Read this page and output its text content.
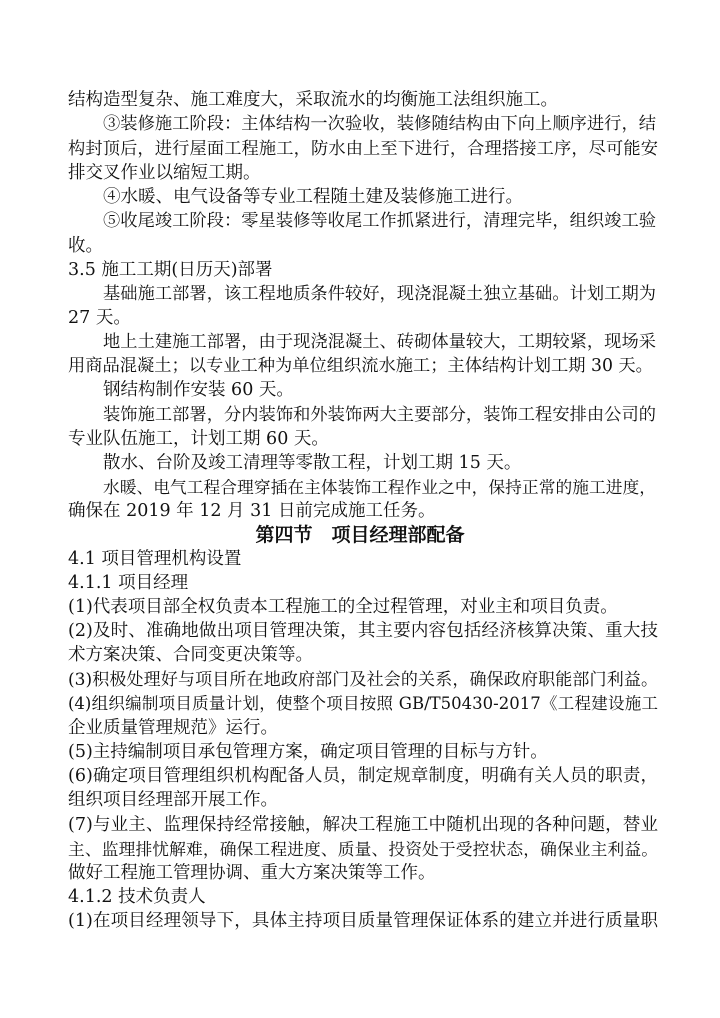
结构造型复杂、施工难度大，采取流水的均衡施工法组织施工。
③装修施工阶段：主体结构一次验收，装修随结构由下向上顺序进行，结
构封顶后，进行屋面工程施工，防水由上至下进行，合理搭接工序，尽可能安
排交叉作业以缩短工期。
④水暖、电气设备等专业工程随土建及装修施工进行。
⑤收尾竣工阶段：零星装修等收尾工作抓紧进行，清理完毕，组织竣工验
收。
3.5 施工工期(日历天)部署
基础施工部署，该工程地质条件较好，现浇混凝土独立基础。计划工期为
27 天。
地上土建施工部署，由于现浇混凝土、砖砌体量较大，工期较紧，现场采
用商品混凝土；以专业工种为单位组织流水施工；主体结构计划工期 30 天。
钢结构制作安装 60 天。
装饰施工部署，分内装饰和外装饰两大主要部分，装饰工程安排由公司的
专业队伍施工，计划工期 60 天。
散水、台阶及竣工清理等零散工程，计划工期 15 天。
水暖、电气工程合理穿插在主体装饰工程作业之中，保持正常的施工进度，
确保在 2019 年 12 月 31 日前完成施工任务。
第四节　项目经理部配备
4.1 项目管理机构设置
4.1.1 项目经理
(1)代表项目部全权负责本工程施工的全过程管理，对业主和项目负责。
(2)及时、准确地做出项目管理决策，其主要内容包括经济核算决策、重大技
术方案决策、合同变更决策等。
(3)积极处理好与项目所在地政府部门及社会的关系，确保政府职能部门利益。
(4)组织编制项目质量计划，使整个项目按照 GB/T50430-2017《工程建设施工
企业质量管理规范》运行。
(5)主持编制项目承包管理方案，确定项目管理的目标与方针。
(6)确定项目管理组织机构配备人员，制定规章制度，明确有关人员的职责，
组织项目经理部开展工作。
(7)与业主、监理保持经常接触，解决工程施工中随机出现的各种问题，替业
主、监理排忧解难，确保工程进度、质量、投资处于受控状态，确保业主利益。
做好工程施工管理协调、重大方案决策等工作。
4.1.2 技术负责人
(1)在项目经理领导下，具体主持项目质量管理保证体系的建立并进行质量职
